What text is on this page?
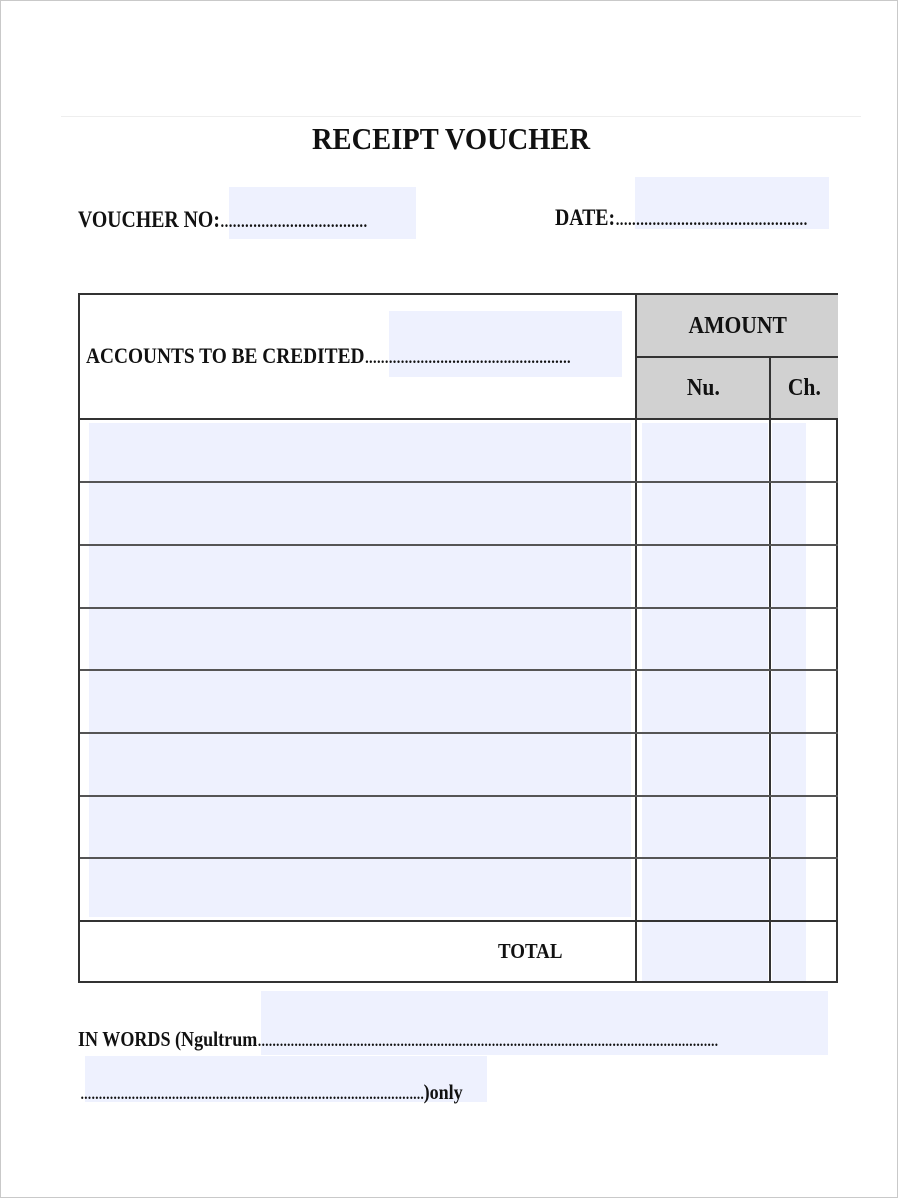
RECEIPT VOUCHER
VOUCHER NO:....................................	DATE:...............................................
AMOUNT
Nu.	Ch.
ACCOUNTS TO BE CREDITED....................................................
TOTAL
IN WORDS (Ngultrum..............................................................................................................................
..............................................................................................)only
